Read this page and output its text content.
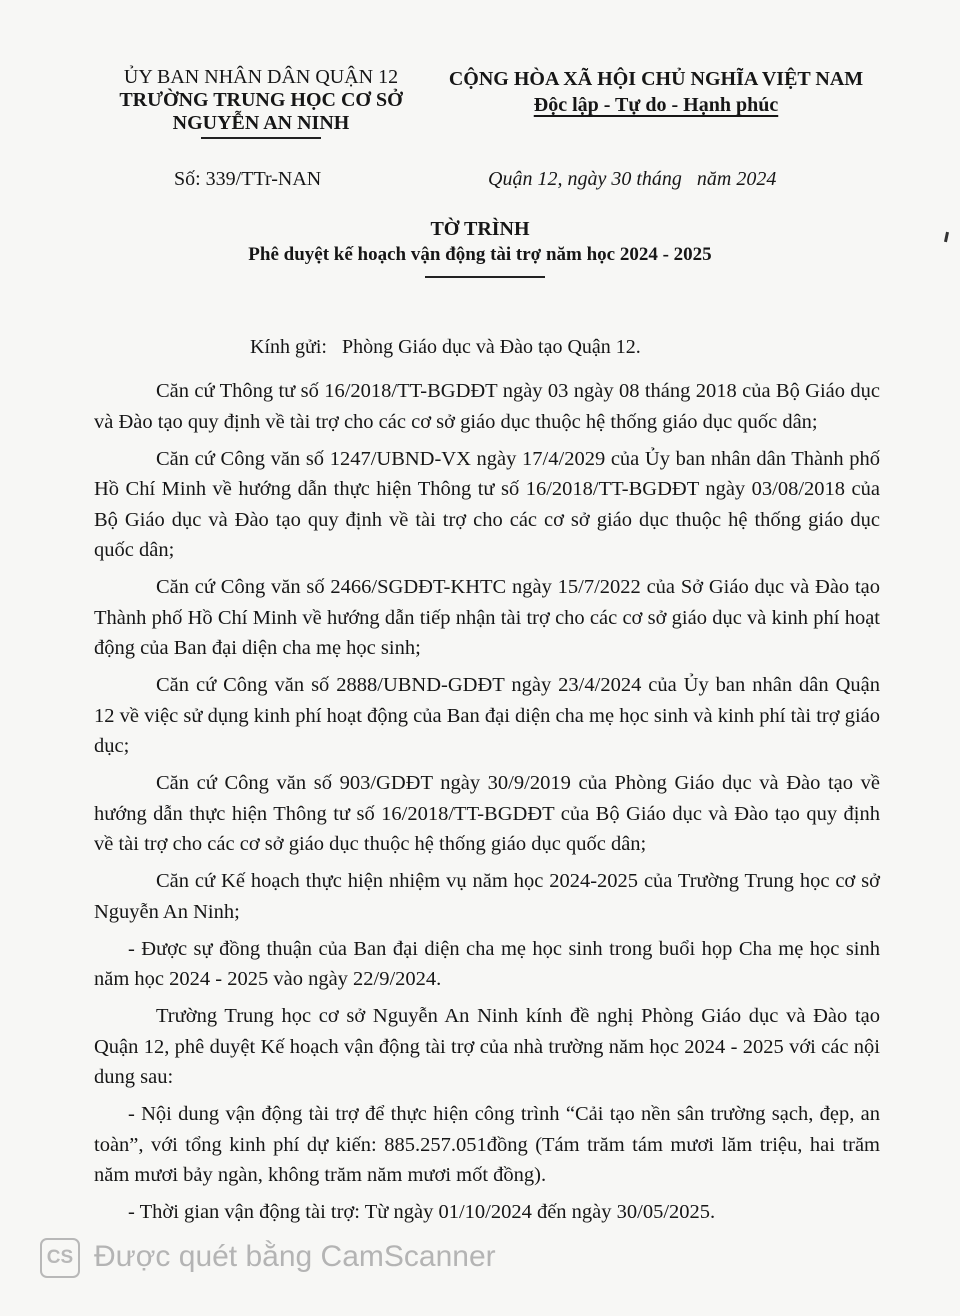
ỦY BAN NHÂN DÂN QUẬN 12
TRƯỜNG TRUNG HỌC CƠ SỞ
NGUYỄN AN NINH
CỘNG HÒA XÃ HỘI CHỦ NGHĨA VIỆT NAM
Độc lập - Tự do - Hạnh phúc
Số: 339/TTr-NAN	Quận 12, ngày 30 tháng   năm 2024
TỜ TRÌNH
Phê duyệt kế hoạch vận động tài trợ năm học 2024 - 2025
Kính gửi:   Phòng Giáo dục và Đào tạo Quận 12.

Căn cứ Thông tư số 16/2018/TT-BGDĐT ngày 03 ngày 08 tháng 2018 của Bộ Giáo dục và Đào tạo quy định về tài trợ cho các cơ sở giáo dục thuộc hệ thống giáo dục quốc dân;

Căn cứ Công văn số 1247/UBND-VX ngày 17/4/2029 của Ủy ban nhân dân Thành phố Hồ Chí Minh về hướng dẫn thực hiện Thông tư số 16/2018/TT-BGDĐT ngày 03/08/2018 của Bộ Giáo dục và Đào tạo quy định về tài trợ cho các cơ sở giáo dục thuộc hệ thống giáo dục quốc dân;

Căn cứ Công văn số 2466/SGDĐT-KHTC ngày 15/7/2022 của Sở Giáo dục và Đào tạo Thành phố Hồ Chí Minh về hướng dẫn tiếp nhận tài trợ cho các cơ sở giáo dục và kinh phí hoạt động của Ban đại diện cha mẹ học sinh;

Căn cứ Công văn số 2888/UBND-GDĐT ngày 23/4/2024 của Ủy ban nhân dân Quận 12 về việc sử dụng kinh phí hoạt động của Ban đại diện cha mẹ học sinh và kinh phí tài trợ giáo dục;

Căn cứ Công văn số 903/GDĐT ngày 30/9/2019 của Phòng Giáo dục và Đào tạo về hướng dẫn thực hiện Thông tư số 16/2018/TT-BGDĐT của Bộ Giáo dục và Đào tạo quy định về tài trợ cho các cơ sở giáo dục thuộc hệ thống giáo dục quốc dân;

Căn cứ Kế hoạch thực hiện nhiệm vụ năm học 2024-2025 của Trường Trung học cơ sở Nguyễn An Ninh;

- Được sự đồng thuận của Ban đại diện cha mẹ học sinh trong buổi họp Cha mẹ học sinh năm học 2024 - 2025 vào ngày 22/9/2024.

Trường Trung học cơ sở Nguyễn An Ninh kính đề nghị Phòng Giáo dục và Đào tạo Quận 12, phê duyệt Kế hoạch vận động tài trợ của nhà trường năm học 2024 - 2025 với các nội dung sau:

- Nội dung vận động tài trợ để thực hiện công trình “Cải tạo nền sân trường sạch, đẹp, an toàn”, với tổng kinh phí dự kiến: 885.257.051đồng (Tám trăm tám mươi lăm triệu, hai trăm năm mươi bảy ngàn, không trăm năm mươi mốt đồng).

- Thời gian vận động tài trợ: Từ ngày 01/10/2024 đến ngày 30/05/2025.

CS Được quét bằng CamScanner
